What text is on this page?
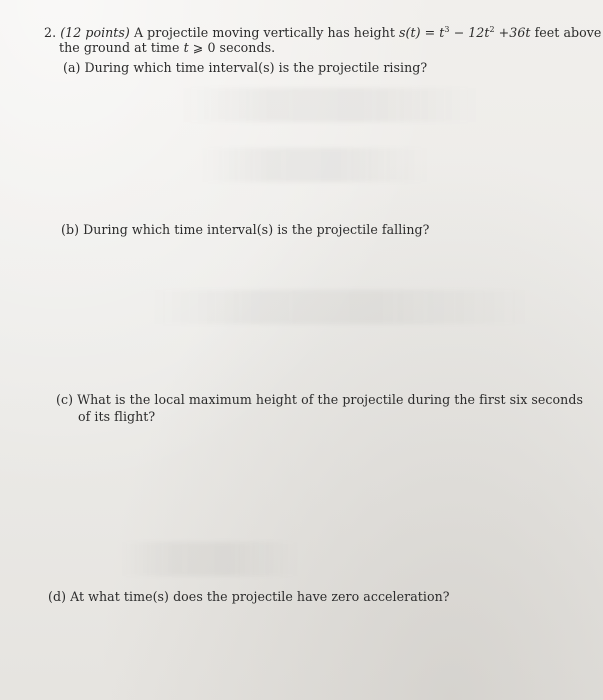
2. (12 points) A projectile moving vertically has height $s(t) = t^3 - 12t^2 +36t$ feet above
the ground at time t ⩾ 0 seconds.
(a) During which time interval(s) is the projectile rising?
(b) During which time interval(s) is the projectile falling?
(c) What is the local maximum height of the projectile during the first six seconds
of its flight?
(d) At what time(s) does the projectile have zero acceleration?
